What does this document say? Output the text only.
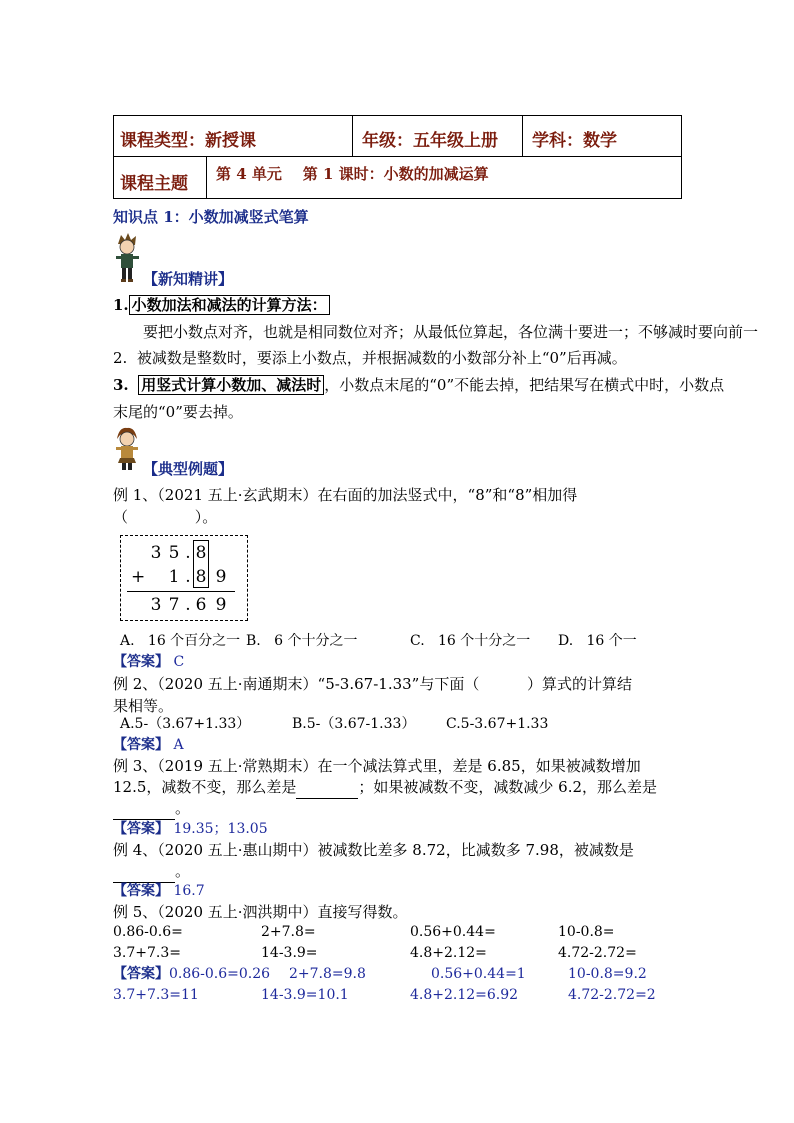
课程类型：新授课	年级：五年级上册 学科：数学
课程主题 第 4 单元    第 1 课时：小数的加减运算
知识点 1：小数加减竖式笔算
【新知精讲】
1. 小数加法和减法的计算方法：
要把小数点对齐，也就是相同数位对齐；从最低位算起，各位满十要进一；不够减时要向前一
2.  被减数是整数时，要添上小数点，并根据减数的小数部分补上“0”后再减。
3. 用竖式计算小数加、减法时 ，小数点末尾的“0”不能去掉，把结果写在横式中时，小数点
末尾的“0”要去掉。
【典型例题】
例 1、（2021 五上·玄武期末）在右面的加法竖式中，“8”和“8”相加得
（              ）。
3 5 . 8
+ 1 . 8 9
3 7 . 6 9
A.   16 个百分之一 B.   6 个十分之一	C.   16 个十分之一 D.   16 个一
【答案】 C
例 2、（2020 五上·南通期末）“5-3.67-1.33”与下面（          ）算式的计算结
果相等。
A.5-（3.67+1.33）	B.5-（3.67-1.33） C.5-3.67+1.33
【答案】 A
例 3、（2019 五上·常熟期末）在一个减法算式里，差是 6.85，如果被减数增加
12.5，减数不变，那么差是	；如果被减数不变，减数减少 6.2，那么差是
。
【答案】 19.35；13.05
例 4、（2020 五上·惠山期中）被减数比差多 8.72，比减数多 7.98，被减数是
。
【答案】 16.7
例 5、（2020 五上·泗洪期中）直接写得数。
0.86-0.6=	2+7.8=	0.56+0.44=	10-0.8=
3.7+7.3=	14-3.9=	4.8+2.12=	4.72-2.72=
【答案】0.86-0.6=0.26 2+7.8=9.8	0.56+0.44=1	10-0.8=9.2
3.7+7.3=11	14-3.9=10.1	4.8+2.12=6.92	4.72-2.72=2
